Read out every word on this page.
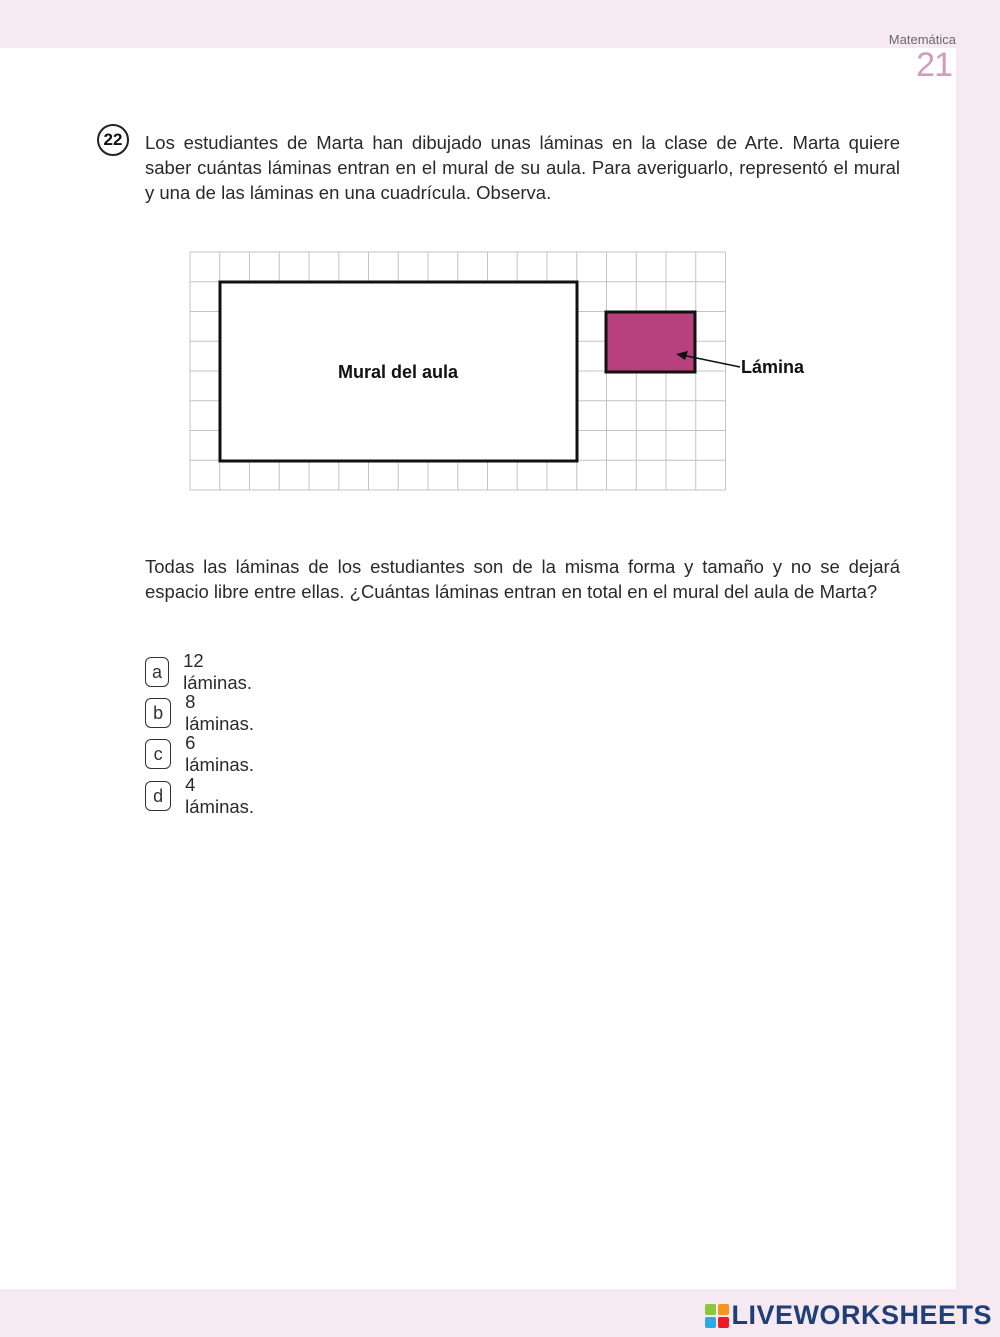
Matemática
21
22	Los estudiantes de Marta han dibujado unas láminas en la clase de Arte. Marta quiere saber cuántas láminas entran en el mural de su aula. Para averiguarlo, representó el mural y una de las láminas en una cuadrícula. Observa.
Mural del aula	Lámina
Todas las láminas de los estudiantes son de la misma forma y tamaño y no se dejará espacio libre entre ellas. ¿Cuántas láminas entran en total en el mural del aula de Marta?
a
12 láminas.
b
8 láminas.
c
6 láminas.
d
4 láminas.
LIVEWORKSHEETS
